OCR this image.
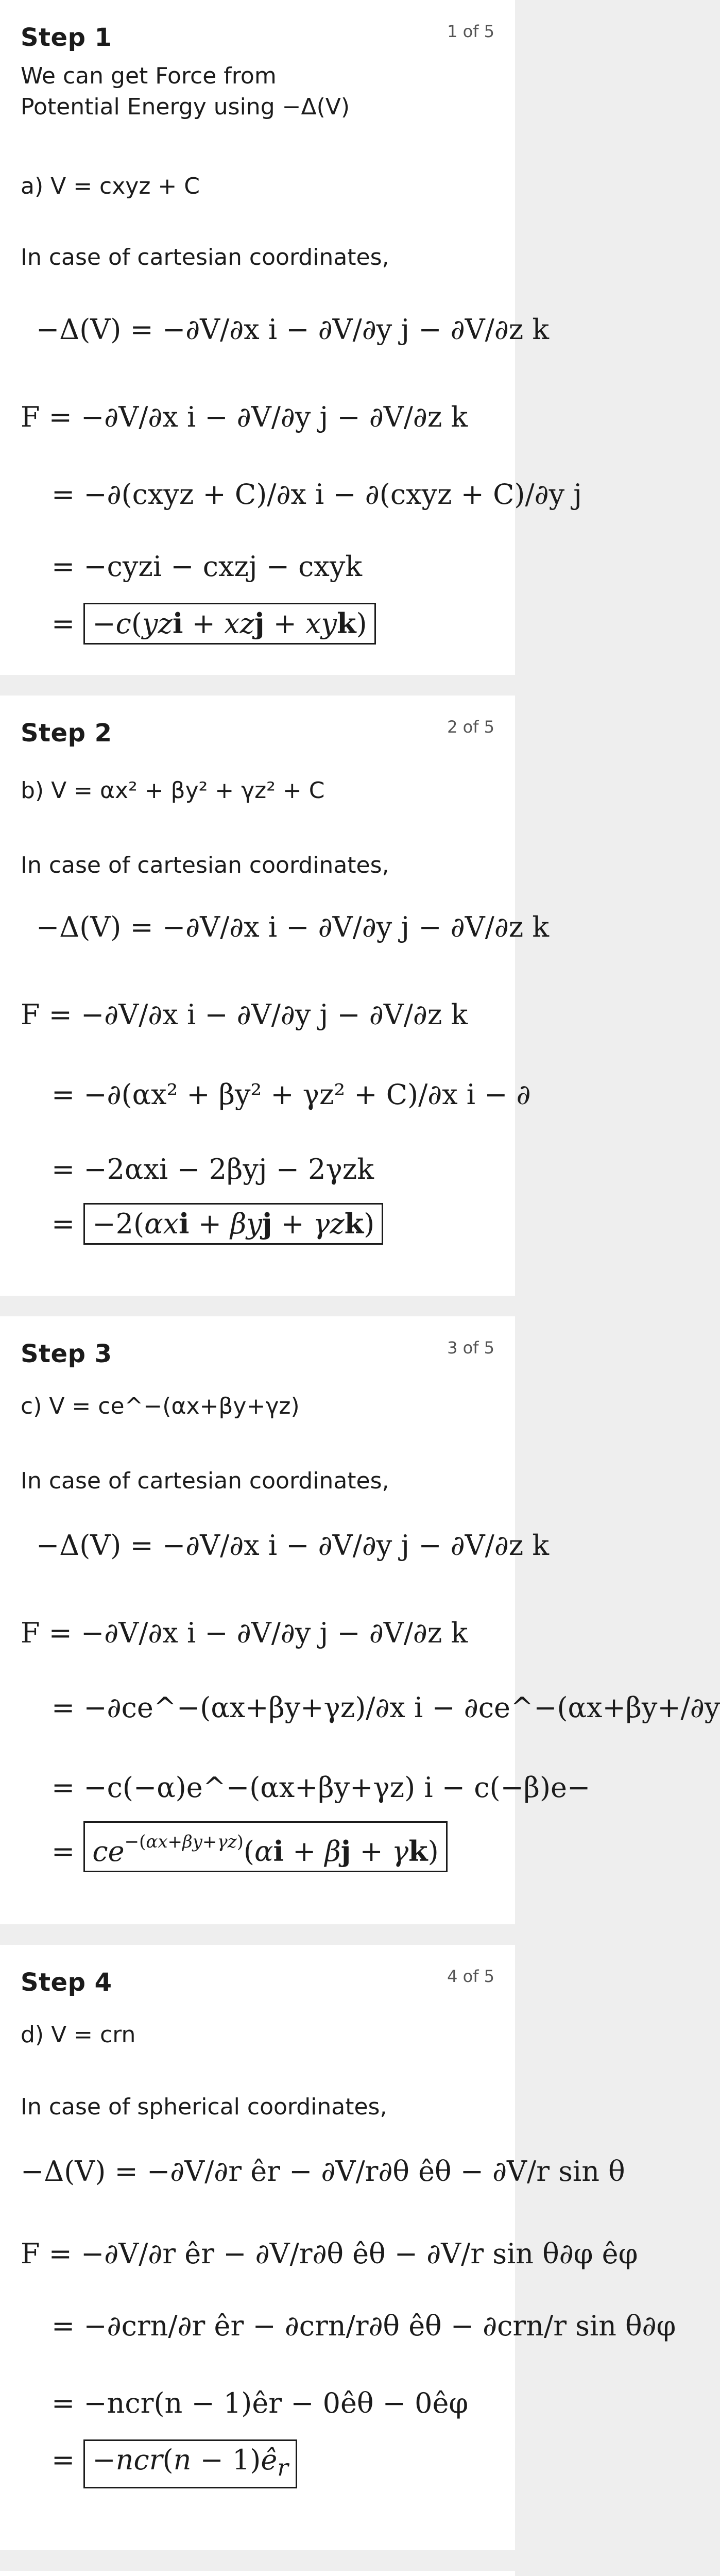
Step 1	1 of 5
We can get Force from Potential Energy using −Δ(V)
a) V = cxyz + C
In case of cartesian coordinates,
−Δ(V) = −∂V/∂x i − ∂V/∂y j − ∂V/∂z k
F = −∂V/∂x i − ∂V/∂y j − ∂V/∂z k
= −∂(cxyz + C)/∂x i − ∂(cxyz + C)/∂y j
= −cyzi − cxzj − cxyk
= −c(yzi + xzj + xyk)
Step 2	2 of 5
b) V = αx² + βy² + γz² + C
In case of cartesian coordinates,
−Δ(V) = −∂V/∂x i − ∂V/∂y j − ∂V/∂z k
F = −∂V/∂x i − ∂V/∂y j − ∂V/∂z k
= −∂(αx² + βy² + γz² + C)/∂x i − ∂
= −2αxi − 2βyj − 2γzk
= −2(αxi + βyj + γzk)
Step 3	3 of 5
c) V = ce^−(αx+βy+γz)
In case of cartesian coordinates,
−Δ(V) = −∂V/∂x i − ∂V/∂y j − ∂V/∂z k
F = −∂V/∂x i − ∂V/∂y j − ∂V/∂z k
= −∂ce^−(αx+βy+γz)/∂x i − ∂ce^−(αx+βy+/∂y
= −c(−α)e^−(αx+βy+γz) i − c(−β)e−
= $ce^{-(\alpha x+\beta y+\gamma z)}(\alpha i + \beta j + \gamma k)$
Step 4	4 of 5
d) V = crn
In case of spherical coordinates,
−Δ(V) = −∂V/∂r êr − ∂V/r∂θ êθ − ∂V/r sin θ
F = −∂V/∂r êr − ∂V/r∂θ êθ − ∂V/r sin θ∂φ êφ
= −∂crn/∂r êr − ∂crn/r∂θ êθ − ∂crn/r sin θ∂φ
= −ncr(n − 1)êr − 0êθ − 0êφ
= $-ncr(n - 1)ê_r$
